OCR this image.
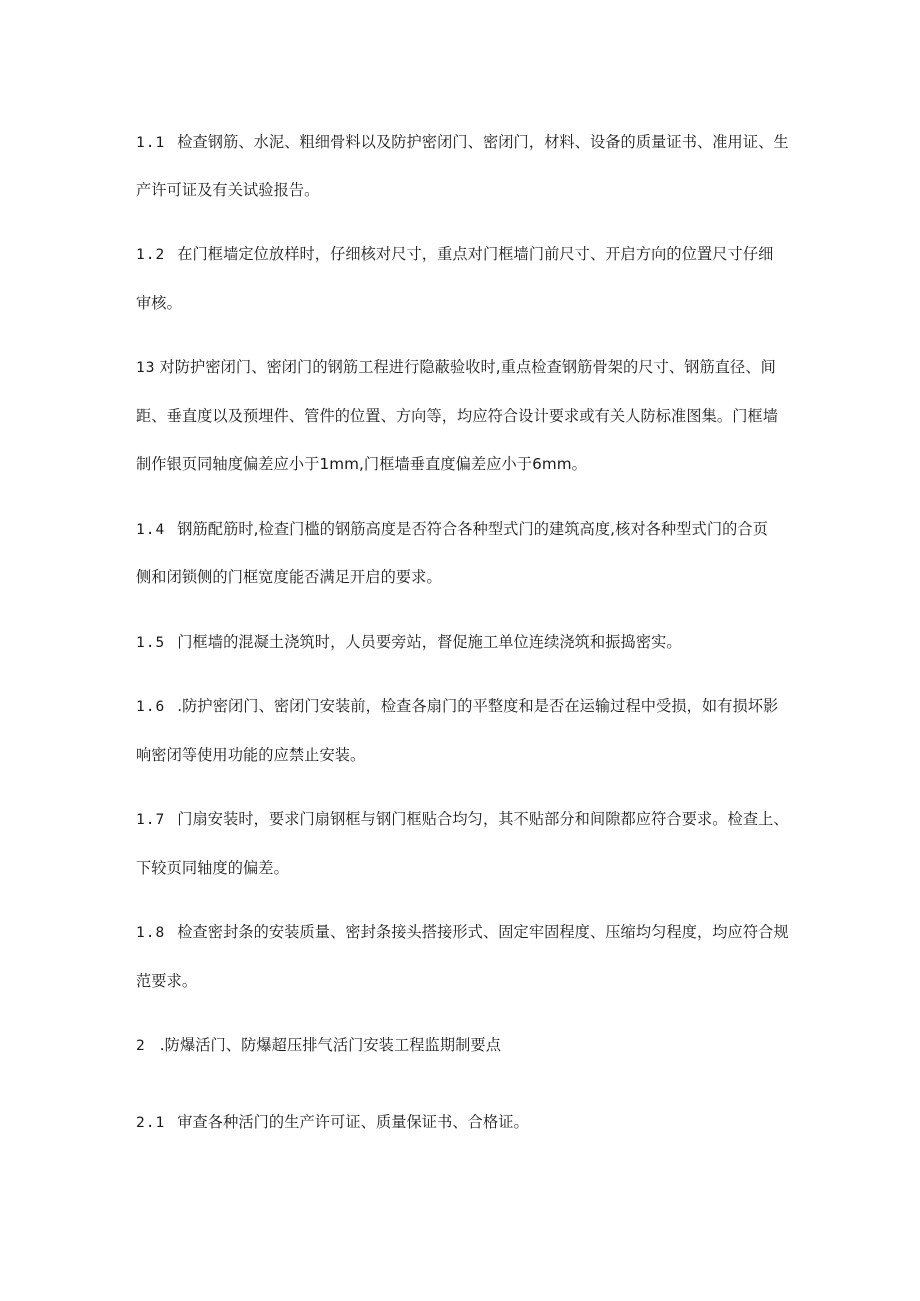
1.1 检查钢筋、水泥、粗细骨料以及防护密闭门、密闭门，材料、设备的质量证书、准用证、生
产许可证及有关试验报告。
1.2 在门框墙定位放样时，仔细核对尺寸，重点对门框墙门前尺寸、开启方向的位置尺寸仔细
审核。
13 对防护密闭门、密闭门的钢筋工程进行隐蔽验收时,重点检查钢筋骨架的尺寸、钢筋直径、间
距、垂直度以及预埋件、管件的位置、方向等，均应符合设计要求或有关人防标准图集。门框墙
制作银页同轴度偏差应小于1mm,门框墙垂直度偏差应小于6mm。
1.4 钢筋配筋时,检查门槛的钢筋高度是否符合各种型式门的建筑高度,核对各种型式门的合页
侧和闭锁侧的门框宽度能否满足开启的要求。
1.5 门框墙的混凝土浇筑时，人员要旁站，督促施工单位连续浇筑和振捣密实。
1.6 .防护密闭门、密闭门安装前，检查各扇门的平整度和是否在运输过程中受损，如有损坏影
响密闭等使用功能的应禁止安装。
1.7 门扇安装时，要求门扇钢框与钢门框贴合均匀，其不贴部分和间隙都应符合要求。检查上、
下较页同轴度的偏差。
1.8 检查密封条的安装质量、密封条接头搭接形式、固定牢固程度、压缩均匀程度，均应符合规
范要求。
2 .防爆活门、防爆超压排气活门安装工程监期制要点
2.1 审查各种活门的生产许可证、质量保证书、合格证。
